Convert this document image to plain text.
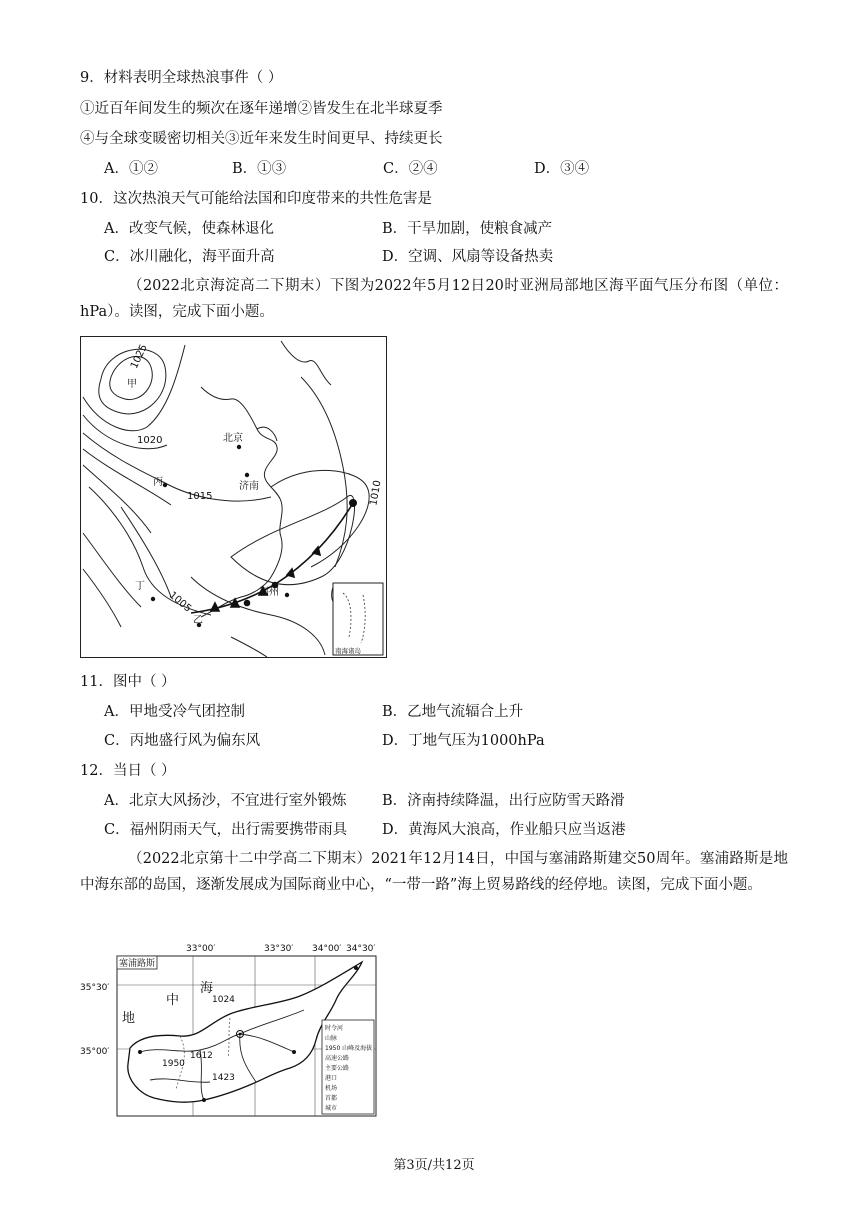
9．材料表明全球热浪事件（ ）
①近百年间发生的频次在逐年递增②皆发生在北半球夏季
④与全球变暖密切相关③近年来发生时间更早、持续更长
A．①②	B．①③	C．②④	D．③④
10．这次热浪天气可能给法国和印度带来的共性危害是
A．改变气候，使森林退化	B．干旱加剧，使粮食减产
C．冰川融化，海平面升高	D．空调、风扇等设备热卖
（2022北京海淀高二下期末）下图为2022年5月12日20时亚洲局部地区海平面气压分布图（单位：hPa）。读图，完成下面小题。
甲
北京
济南
丙
丁
福州
乙
1025
1020
1015	1010
1005
南海诸岛
11．图中（ ）
A．甲地受冷气团控制	B．乙地气流辐合上升
C．丙地盛行风为偏东风	D．丁地气压为1000hPa
12．当日（ ）
A．北京大风扬沙，不宜进行室外锻炼 B．济南持续降温，出行应防雪天路滑
C．福州阴雨天气，出行需要携带雨具 D．黄海风大浪高，作业船只应当返港
（2022北京第十二中学高二下期末）2021年12月14日，中国与塞浦路斯建交50周年。塞浦路斯是地中海东部的岛国，逐渐发展成为国际商业中心，“一带一路”海上贸易路线的经停地。读图，完成下面小题。
33°00′	33°30′ 34°00′ 34°30′
35°30′
35°00′
塞浦路斯
地
中
海
1024
1612
1950
1423
时令河
山脉
1950 山峰及海拔
高速公路
主要公路
港口
机场
首都
城市
第3页/共12页
